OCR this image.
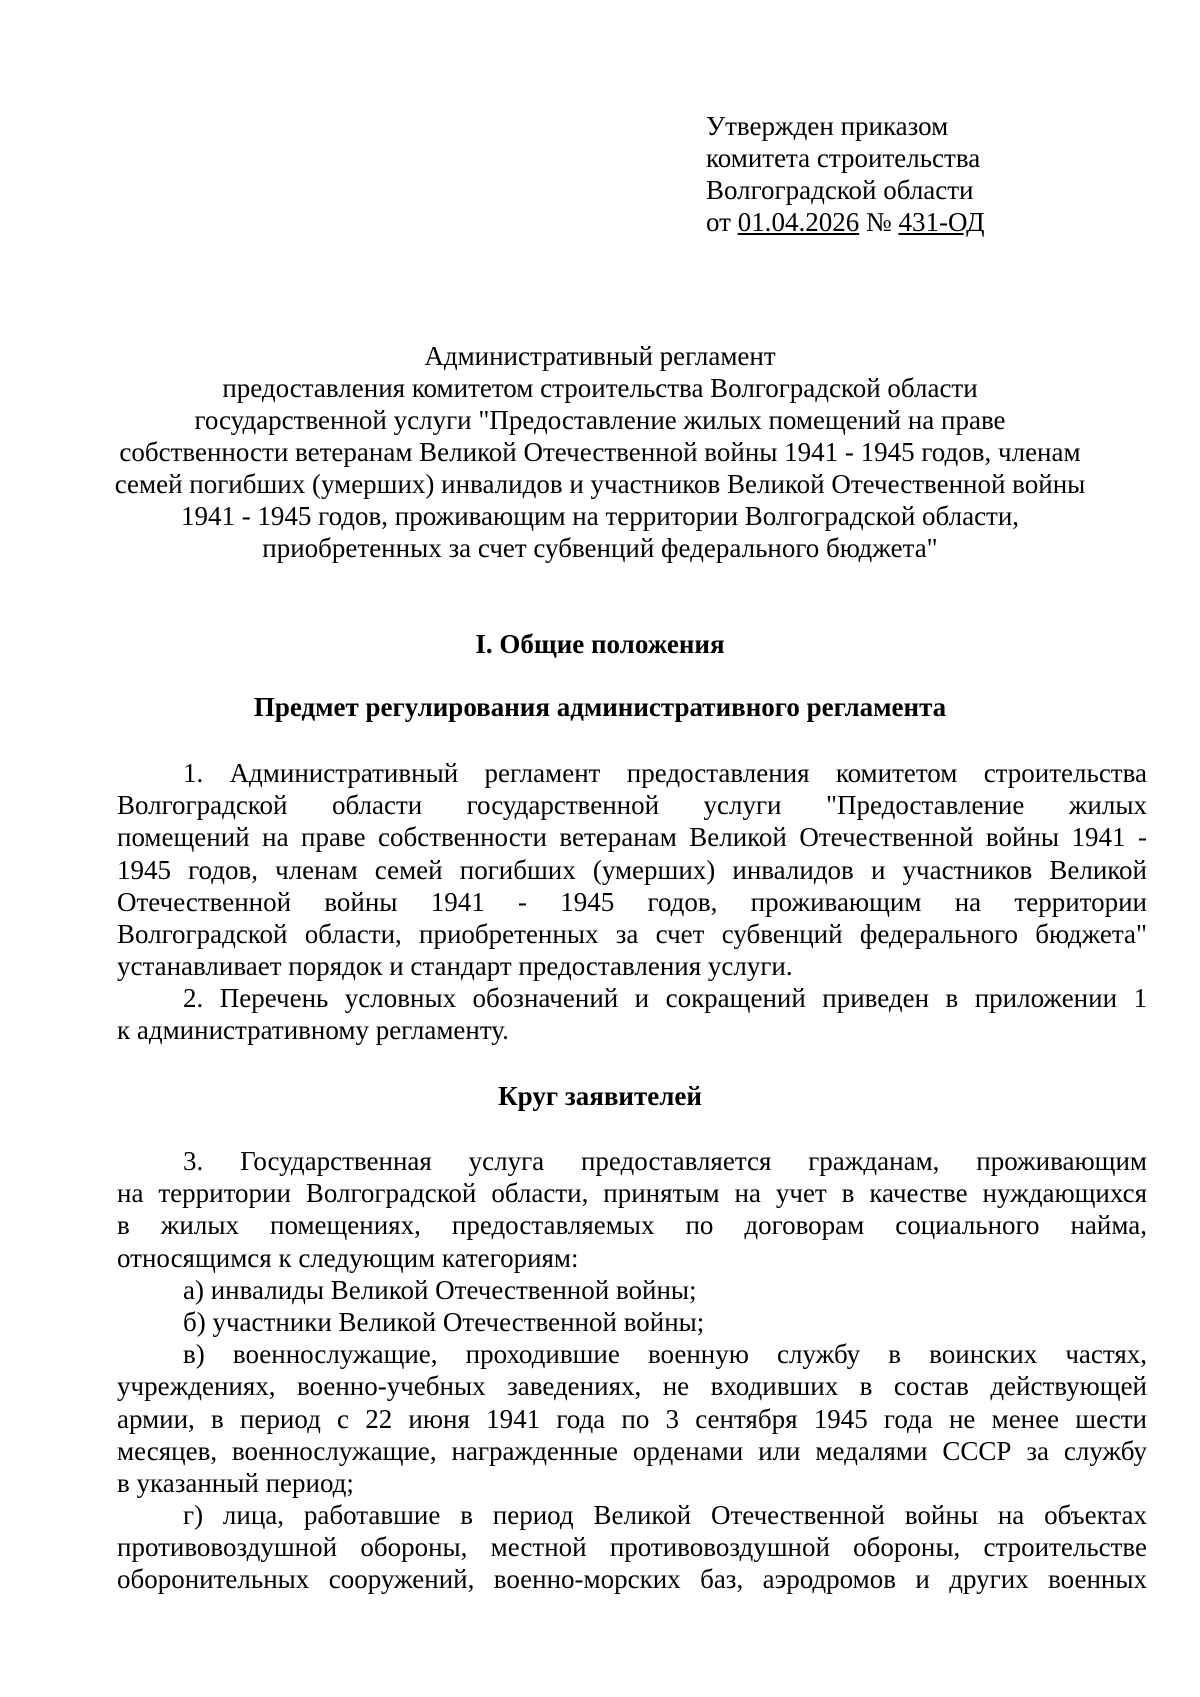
Утвержден приказом
комитета строительства
Волгоградской области
от 01.04.2026 № 431-ОД
Административный регламент
предоставления комитетом строительства Волгоградской области
государственной услуги "Предоставление жилых помещений на праве
собственности ветеранам Великой Отечественной войны 1941 - 1945 годов, членам
семей погибших (умерших) инвалидов и участников Великой Отечественной войны
1941 - 1945 годов, проживающим на территории Волгоградской области,
приобретенных за счет субвенций федерального бюджета"
I. Общие положения
Предмет регулирования административного регламента
1. Административный регламент предоставления комитетом строительства
Волгоградской области государственной услуги "Предоставление жилых
помещений на праве собственности ветеранам Великой Отечественной войны 1941 -
1945 годов, членам семей погибших (умерших) инвалидов и участников Великой
Отечественной войны 1941 - 1945 годов, проживающим на территории
Волгоградской области, приобретенных за счет субвенций федерального бюджета"
устанавливает порядок и стандарт предоставления услуги.
2. Перечень условных обозначений и сокращений приведен в приложении 1
к административному регламенту.
Круг заявителей
3. Государственная услуга предоставляется гражданам, проживающим
на территории Волгоградской области, принятым на учет в качестве нуждающихся
в жилых помещениях, предоставляемых по договорам социального найма,
относящимся к следующим категориям:
а) инвалиды Великой Отечественной войны;
б) участники Великой Отечественной войны;
в) военнослужащие, проходившие военную службу в воинских частях,
учреждениях, военно-учебных заведениях, не входивших в состав действующей
армии, в период с 22 июня 1941 года по 3 сентября 1945 года не менее шести
месяцев, военнослужащие, награжденные орденами или медалями СССР за службу
в указанный период;
г) лица, работавшие в период Великой Отечественной войны на объектах
противовоздушной обороны, местной противовоздушной обороны, строительстве
оборонительных сооружений, военно-морских баз, аэродромов и других военных
